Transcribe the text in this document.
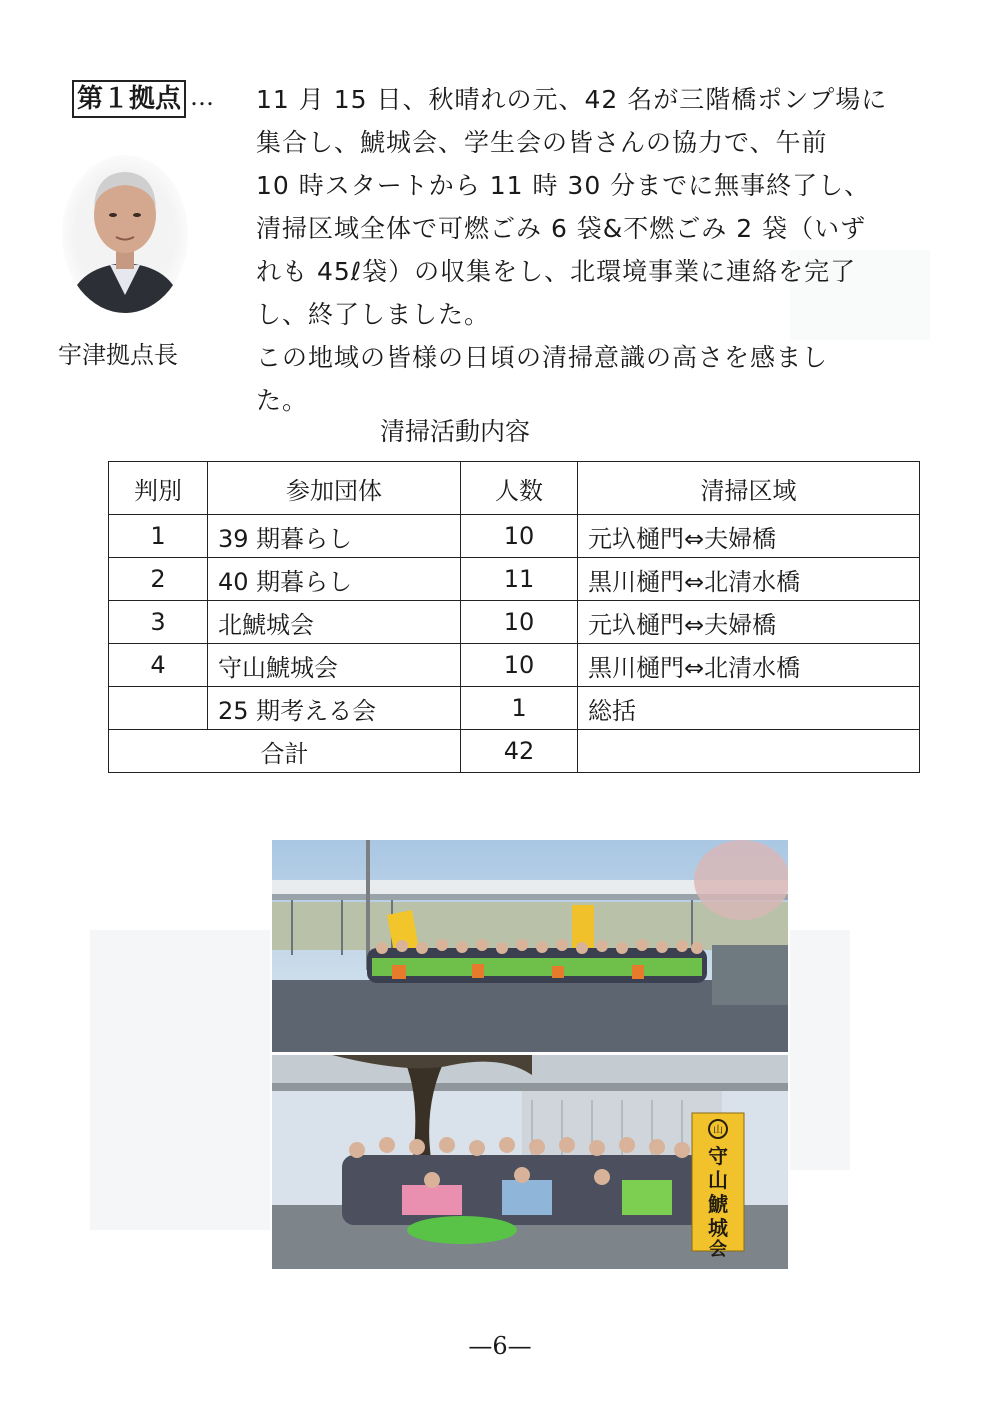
第１拠点 …
宇津拠点長

11 月 15 日、秋晴れの元、42 名が三階橋ポンプ場に

集合し、鯱城会、学生会の皆さんの協力で、午前

10 時スタートから 11 時 30 分までに無事終了し、

清掃区域全体で可燃ごみ 6 袋&不燃ごみ 2 袋（いず

れも 45ℓ袋）の収集をし、北環境事業に連絡を完了

し、終了しました。

この地域の皆様の日頃の清掃意識の高さを感まし

た。

清掃活動内容
判別	参加団体	人数	清掃区域
1	39 期暮らし	10	元圦樋門⇔夫婦橋
2	40 期暮らし	11	黒川樋門⇔北清水橋
3	北鯱城会	10	元圦樋門⇔夫婦橋
4	守山鯱城会	10	黒川樋門⇔北清水橋
	25 期考える会	1	総括
合計		42	
山
守
山
鯱
城
会
—6—
